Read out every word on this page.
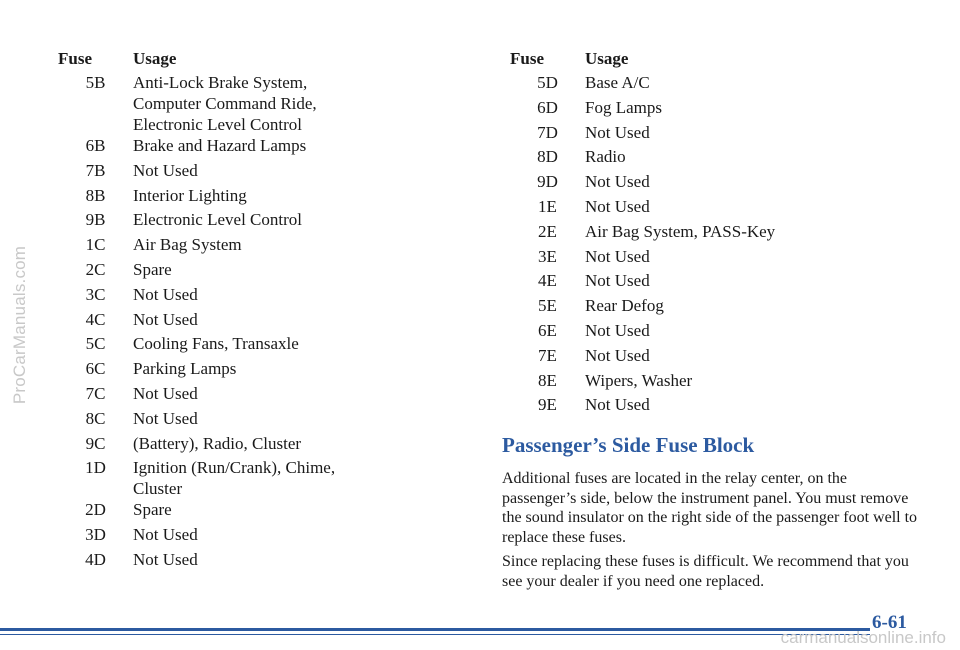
ProCarManuals.com
Fuse	Usage
5B	Anti-Lock Brake System, Computer Command Ride, Electronic Level Control
6B	Brake and Hazard Lamps
7B	Not Used
8B	Interior Lighting
9B	Electronic Level Control
1C	Air Bag System
2C	Spare
3C	Not Used
4C	Not Used
5C	Cooling Fans, Transaxle
6C	Parking Lamps
7C	Not Used
8C	Not Used
9C	(Battery), Radio, Cluster
1D	Ignition (Run/Crank), Chime, Cluster
2D	Spare
3D	Not Used
4D	Not Used
Fuse	Usage
5D	Base A/C
6D	Fog Lamps
7D	Not Used
8D	Radio
9D	Not Used
1E	Not Used
2E	Air Bag System, PASS-Key
3E	Not Used
4E	Not Used
5E	Rear Defog
6E	Not Used
7E	Not Used
8E	Wipers, Washer
9E	Not Used
Passenger’s Side Fuse Block
Additional fuses are located in the relay center, on the passenger’s side, below the instrument panel. You must remove the sound insulator on the right side of the passenger foot well to replace these fuses.
Since replacing these fuses is difficult. We recommend that you see your dealer if you need one replaced.
6-61
carmanualsonline.info
